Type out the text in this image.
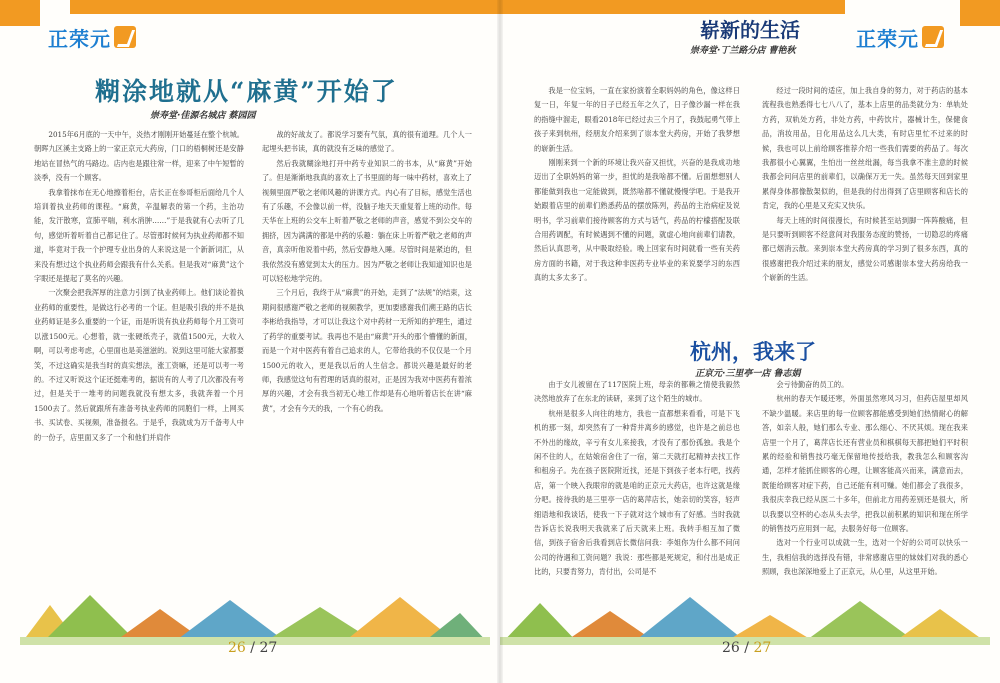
正荣元
糊涂地就从“麻黄”开始了
崇寿堂·佳源名城店 蔡园园

2015年6月底的一天中午，炎热才刚刚开始蔓延在整个杭城。朝晖九区溪主支路上的一家正京元大药房，门口的梧桐树还是安静地站在冒热气的马路边。店内也是跟往常一样，迎来了中午短暂的淡季，没有一个顾客。

我拿着抹布在无心地擦着柜台，店长正在参哥柜后面给几个人培训着执业药师的课程。“麻黄，辛温解表的第一个药，主治功能，发汗散寒，宣肺平喘，利水消肿……”于是我就有心去听了几句，感觉听着听着自己都记住了。尽管那时候何为执业药师都不知道，毕竟对于我一个护理专业出身的人来说这是一个新新词汇，从来没有想过这个执业药师会跟我有什么关系。但是我对“麻黄”这个字眼还是提起了莫名的兴趣。

一次聚会把我浑厚的注意力引到了执业药师上。他们谈论着执业药师的重要性，是做这行必考的一个证。但是吸引我的并不是执业药师证是多么重要的一个证，而是听说有执业药师每个月工资可以涨1500元。心想着，就一张硬纸壳子，就值1500元，大收入啊，可以考虑考虑，心里面也是美滋滋的。说到这里可能大家都要笑，不过这确实是我当时的真实想法，涨工资嘛，还是可以考一考的。不过又听说这个证还挺难考的，据说有的人考了几次都没有考过，但是关于一堆考的问题我就没有想太多，我就奔着一个月1500去了。然后就跟所有准备考执业药师的同胞们一样，上网买书、买试卷、买视频，准备报名。于是乎，我就成为万千备考人中的一份子，店里面又多了一个和他们并肩作

战的好战友了。都说学习要有气氛，真的很有道理。几个人一起埋头把书读，真的就没有乏味的感觉了。

然后我就糊涂地打开中药专业知识二的书本，从“麻黄”开始了。但是渐渐地我真的喜欢上了书里面的每一味中药材，喜欢上了视频里面严敬之老师风趣的讲课方式。内心有了目标，感觉生活也有了乐趣，不会像以前一样，没脑子地天天重复着上班的动作。每天华在上班的公交车上听着严敬之老师的声音，感觉不到公交车的拥挤，因为满满的都是中药的乐趣：躺在床上听着严敬之老师的声音，真亲听他说着中药，然后安静地入睡。尽管时间是紧迫的，但我依然没有感觉到太大的压力。因为严敬之老师让我知道知识也是可以轻松地学完的。

三个月后，我终于从“麻黄”的开始，走到了“法规”的结束，这期间很感谢严敬之老师的视频教学，更加要感谢我们溯王路的店长李彬给我指导，才可以让我这个对中药材一无所知的护理生，通过了药学的重要考试。我再也不是由“麻黄”开头的那个懵懂的新面，而是一个对中医药有着自己追求的人，它带给我的不仅仅是一个月1500元的收入，更是我以后的人生信念。都说兴趣是最好的老师，我感觉这句有哲理的话真的很对，正是因为我对中医药有着浓厚的兴趣，才会有我当初无心地工作却是有心地听着店长在讲“麻黄”，才会有今天的我，一个有心的我。

26 / 27
正荣元
崭新的生活
崇寿堂·丁兰路分店 曹艳秋

我是一位宝妈，一直在家扮演着全职妈妈的角色，像这样日复一日，年复一年的日子已经五年之久了，日子像沙漏一样在我的指缝中溜走，眼看2018年已经过去三个月了，我鼓起勇气带上孩子来到杭州，经朋友介绍来到了崇本堂大药房，开始了我梦想的崭新生活。

刚刚来到一个新的环境让我兴奋又担忧，兴奋的是我成功地迈出了全职妈妈的第一步，担忧的是我啥都不懂。后面想想别人都能做到我也一定能做到，既然啥都不懂就慢慢学吧。于是我开始跟着店里的前辈们熟悉药品的摆放陈列，药品的主治病症及说明书，学习前辈们接待顾客的方式与话气，药品的柠檬搭配及联合用药调配，有时候遇到不懂的问题，就虚心地向前辈们请教，然后认真思考，从中吸取经验。晚上回家有时间就看一些有关药房方面的书籍，对于我这种非医药专业毕业的来说要学习的东西真的太多太多了。

经过一段时间的适应，加上我自身的努力，对于药店的基本流程我也熟悉得七七八八了，基本上店里的品类就分为：单轨处方药，双轨处方药，非处方药，中药饮片，器械计生，保健食品，消妆用品，日化用品这么几大类，有时店里忙不过来的时候，我也可以上前给顾客推荐介绍一些我们需要的药品了。每次我都很小心翼翼，生怕出一丝丝纰漏，每当我拿不准主意的时候我都会问问店里的前辈们，以确保万无一失。虽然每天回到家里累得身体都像散架似的，但是我的付出得到了店里顾客和店长的肯定，我的心里是又充实又快乐。

每天上班的时间很漫长，有时候甚至站到脚一阵阵酸痛，但是只要听到顾客不经意间对我服务态度的赞扬，一切隐忍的疼痛都已烟消云散。来到崇本堂大药房真的学习到了很多东西，真的很感谢把我介绍过来的朋友，感觉公司感谢崇本堂大药房给我一个崭新的生活。

杭州，我来了
正京元·三里亭一店 鲁志娟

由于女儿被留在了117医院上班，母亲的都赖之情使我毅然决然地放弃了在东北的读研，来到了这个陌生的城市。

杭州是很多人向往的地方，我也一直都想来看看，可是下飞机的那一刻，却突然有了一种背井离乡的感觉，也许是之前总也不外出的缘故，辛亏有女儿来接我，才没有了那份孤独。我是个闲不住的人，在姑娘宿舍住了一宿，第二天就打起精神去找工作和租房子。先在孩子医院附近找，还是下到孩子老本行吧，找药店，第一个映入我眼帘的就是咱的正京元大药店，也许这就是缘分吧。接待我的是三里亭一店的葛萍店长，她亲切的笑容，轻声细语地和我谈话，使我一下子就对这个城市有了好感。当时我就告诉店长说我明天我就来了后天就来上班。我转手相互加了微信，到孩子宿舍后我看到店长微信问我：李姐你为什么都不问问公司的待遇和工资问题？我说：那些都是死规定，和付出是成正比的，只要肯努力，肯付出，公司是不

会亏待勤奋的员工的。

杭州的春天乍暖还寒，外面虽然寒风习习，但药店屋里却风不缺少温暖。来店里的每一位顾客都能感受到她们热情耐心的解答，如亲人般，她们那么专业、那么细心、不厌其烦。现在我来店里一个月了，葛萍店长还有营业员和棋棋每天都把她们平时积累的经验和销售技巧毫无保留地传授给我，教我怎么和顾客沟通，怎样才能抓住顾客的心理，让顾客能高兴而来，满意而去，既能给顾客对症下药，自己还能有利可赚。她们都会了我很多，我很庆幸我已经从医二十多年，但前北方用药差别还是很大，所以我要以空杯的心态从头去学，把我以前积累的知识和现在所学的销售技巧应用到一起，去服务好每一位顾客。

选对一个行业可以成就一生，选对一个好的公司可以快乐一生，我相信我的选择没有错，非常感谢店里的妹妹们对我的悉心照顾，我也深深地爱上了正京元，从心里，从这里开始。

26 / 27
